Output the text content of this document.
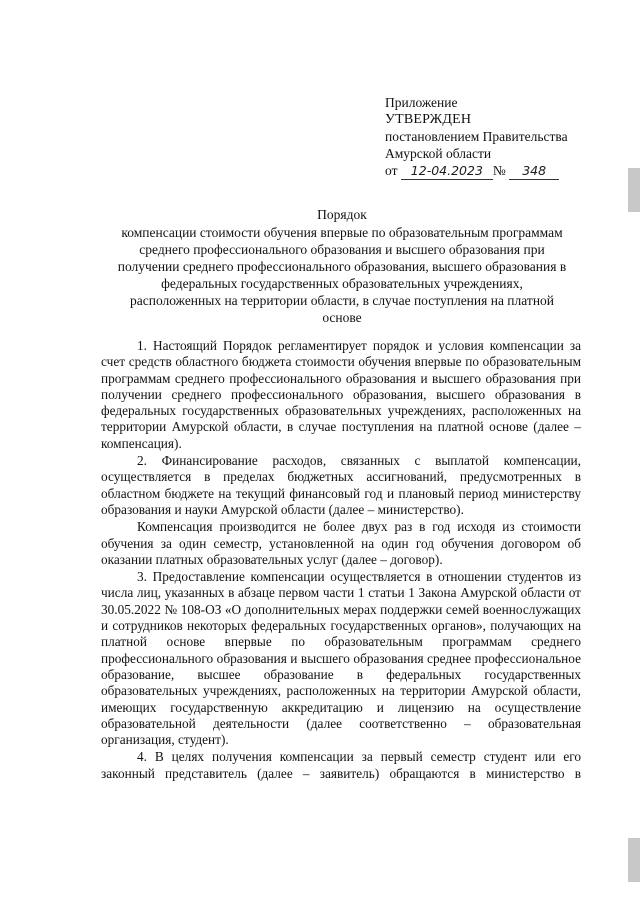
Приложение
УТВЕРЖДЕН
постановлением Правительства
Амурской области
от 12-04.2023 № 348
Порядок
компенсации стоимости обучения впервые по образовательным программам
среднего профессионального образования и высшего образования при
получении среднего профессионального образования, высшего образования в
федеральных государственных образовательных учреждениях,
расположенных на территории области, в случае поступления на платной
основе

1. Настоящий Порядок регламентирует порядок и условия компенсации за счет средств областного бюджета стоимости обучения впервые по образовательным программам среднего профессионального образования и высшего образования при получении среднего профессионального образования, высшего образования в федеральных государственных образовательных учреждениях, расположенных на территории Амурской области, в случае поступления на платной основе (далее – компенсация).

2. Финансирование расходов, связанных с выплатой компенсации, осуществляется в пределах бюджетных ассигнований, предусмотренных в областном бюджете на текущий финансовый год и плановый период министерству образования и науки Амурской области (далее – министерство).

Компенсация производится не более двух раз в год исходя из стоимости обучения за один семестр, установленной на один год обучения договором об оказании платных образовательных услуг (далее – договор).

3. Предоставление компенсации осуществляется в отношении студентов из числа лиц, указанных в абзаце первом части 1 статьи 1 Закона Амурской области от 30.05.2022 № 108-ОЗ «О дополнительных мерах поддержки семей военнослужащих и сотрудников некоторых федеральных государственных органов», получающих на платной основе впервые по образовательным программам среднего профессионального образования и высшего образования среднее профессиональное образование, высшее образование в федеральных государственных образовательных учреждениях, расположенных на территории Амурской области, имеющих государственную аккредитацию и лицензию на осуществление образовательной деятельности (далее соответственно – образовательная организация, студент).

4. В целях получения компенсации за первый семестр студент или его законный представитель (далее – заявитель) обращаются в министерство в
